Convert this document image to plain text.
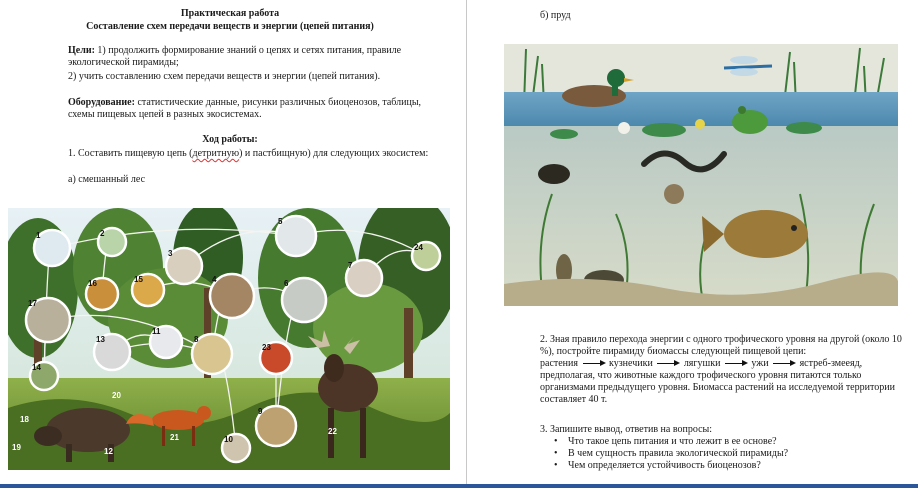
Практическая работа
Составление схем передачи веществ и энергии (цепей питания)
Цели: 1) продолжить формирование знаний о цепях и сетях питания, правиле экологической пирамиды;
2) учить составлению схем передачи веществ и энергии (цепей питания).
Оборудование: статистические данные, рисунки различных биоценозов, таблицы, схемы пищевых цепей в разных экосистемах.
Ход работы:
1. Составить пищевую цепь (детритную) и пастбищную) для следующих экосистем:
а) смешанный лес
1	2
3
4
5
6
7
8
9
10
11
12
13
14
15
16
17
18
19
20
21
22
23
24
б) пруд
2. Зная правило перехода энергии с одного трофического уровня на другой (около 10 %), постройте пирамиду биомассы следующей пищевой цепи:
растения	кузнечики	лягушки	ужи	ястреб-змееяд,
предполагая, что животные каждого трофического уровня питаются только организмами предыдущего уровня. Биомасса растений на исследуемой территории составляет 40 т.
3. Запишите вывод, ответив на вопросы:
• Что такое цепь питания и что лежит в ее основе?
• В чем сущность правила экологической пирамиды?
• Чем определяется устойчивость биоценозов?
